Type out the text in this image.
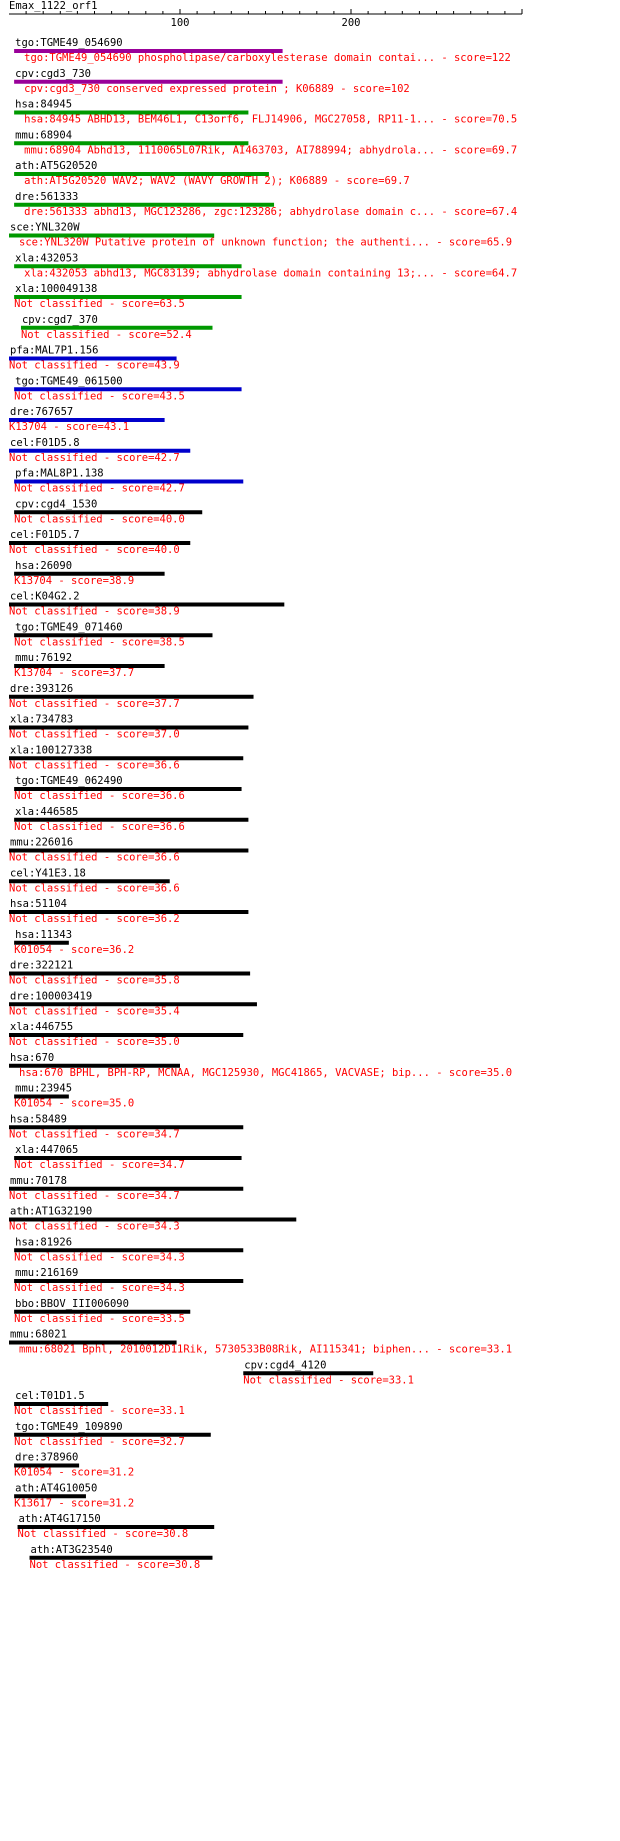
Emax_1122_orf1
100	200
tgo:TGME49_054690
tgo:TGME49_054690 phospholipase/carboxylesterase domain contai... - score=122
cpv:cgd3_730
cpv:cgd3_730 conserved expressed protein ; K06889 - score=102
hsa:84945
hsa:84945 ABHD13, BEM46L1, C13orf6, FLJ14906, MGC27058, RP11-1... - score=70.5
mmu:68904
mmu:68904 Abhd13, 1110065L07Rik, AI463703, AI788994; abhydrola... - score=69.7
ath:AT5G20520
ath:AT5G20520 WAV2; WAV2 (WAVY GROWTH 2); K06889 - score=69.7
dre:561333
dre:561333 abhd13, MGC123286, zgc:123286; abhydrolase domain c... - score=67.4
sce:YNL320W
sce:YNL320W Putative protein of unknown function; the authenti... - score=65.9
xla:432053
xla:432053 abhd13, MGC83139; abhydrolase domain containing 13;... - score=64.7
xla:100049138
Not classified - score=63.5
cpv:cgd7_370
Not classified - score=52.4
pfa:MAL7P1.156
Not classified - score=43.9
tgo:TGME49_061500
Not classified - score=43.5
dre:767657
K13704 - score=43.1
cel:F01D5.8
Not classified - score=42.7
pfa:MAL8P1.138
Not classified - score=42.7
cpv:cgd4_1530
Not classified - score=40.0
cel:F01D5.7
Not classified - score=40.0
hsa:26090
K13704 - score=38.9
cel:K04G2.2
Not classified - score=38.9
tgo:TGME49_071460
Not classified - score=38.5
mmu:76192
K13704 - score=37.7
dre:393126
Not classified - score=37.7
xla:734783
Not classified - score=37.0
xla:100127338
Not classified - score=36.6
tgo:TGME49_062490
Not classified - score=36.6
xla:446585
Not classified - score=36.6
mmu:226016
Not classified - score=36.6
cel:Y41E3.18
Not classified - score=36.6
hsa:51104
Not classified - score=36.2
hsa:11343
K01054 - score=36.2
dre:322121
Not classified - score=35.8
dre:100003419
Not classified - score=35.4
xla:446755
Not classified - score=35.0
hsa:670
hsa:670 BPHL, BPH-RP, MCNAA, MGC125930, MGC41865, VACVASE; bip... - score=35.0
mmu:23945
K01054 - score=35.0
hsa:58489
Not classified - score=34.7
xla:447065
Not classified - score=34.7
mmu:70178
Not classified - score=34.7
ath:AT1G32190
Not classified - score=34.3
hsa:81926
Not classified - score=34.3
mmu:216169
Not classified - score=34.3
bbo:BBOV_III006090
Not classified - score=33.5
mmu:68021
mmu:68021 Bphl, 2010012D11Rik, 5730533B08Rik, AI115341; biphen... - score=33.1
cpv:cgd4_4120
Not classified - score=33.1
cel:T01D1.5
Not classified - score=33.1
tgo:TGME49_109890
Not classified - score=32.7
dre:378960
K01054 - score=31.2
ath:AT4G10050
K13617 - score=31.2
ath:AT4G17150
Not classified - score=30.8
ath:AT3G23540
Not classified - score=30.8
